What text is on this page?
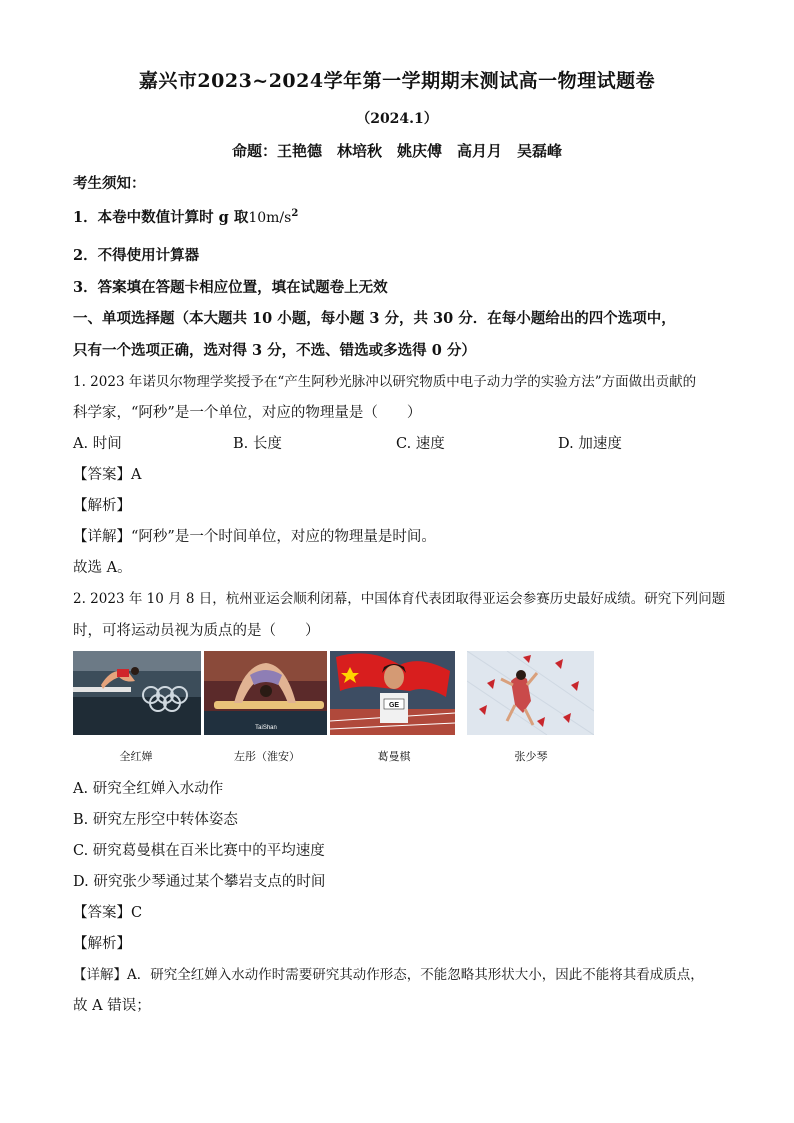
嘉兴市2023~2024学年第一学期期末测试高一物理试题卷
（2024.1）
命题：王艳德　林培秋　姚庆傅　高月月　吴磊峰
考生须知：
1．本卷中数值计算时 g 取$10m/s^2$
2．不得使用计算器
3．答案填在答题卡相应位置，填在试题卷上无效
一、单项选择题（本大题共 10 小题，每小题 3 分，共 30 分．在每小题给出的四个选项中，
只有一个选项正确，选对得 3 分，不选、错选或多选得 0 分）
1. 2023 年诺贝尔物理学奖授予在“产生阿秒光脉冲以研究物质中电子动力学的实验方法”方面做出贡献的
科学家，“阿秒”是一个单位，对应的物理量是（　　）
A. 时间	B. 长度	C. 速度	D. 加速度
【答案】A
【解析】
【详解】“阿秒”是一个时间单位，对应的物理量是时间。
故选 A。
2. 2023 年 10 月 8 日，杭州亚运会顺利闭幕，中国体育代表团取得亚运会参赛历史最好成绩。研究下列问题
时，可将运动员视为质点的是（　　）
TaiShan
GE
全红婵	左彤（淮安）	葛曼棋	张少琴
A. 研究全红婵入水动作
B. 研究左彤空中转体姿态
C. 研究葛曼棋在百米比赛中的平均速度
D. 研究张少琴通过某个攀岩支点的时间
【答案】C
【解析】
【详解】A．研究全红婵入水动作时需要研究其动作形态，不能忽略其形状大小，因此不能将其看成质点，
故 A 错误；
